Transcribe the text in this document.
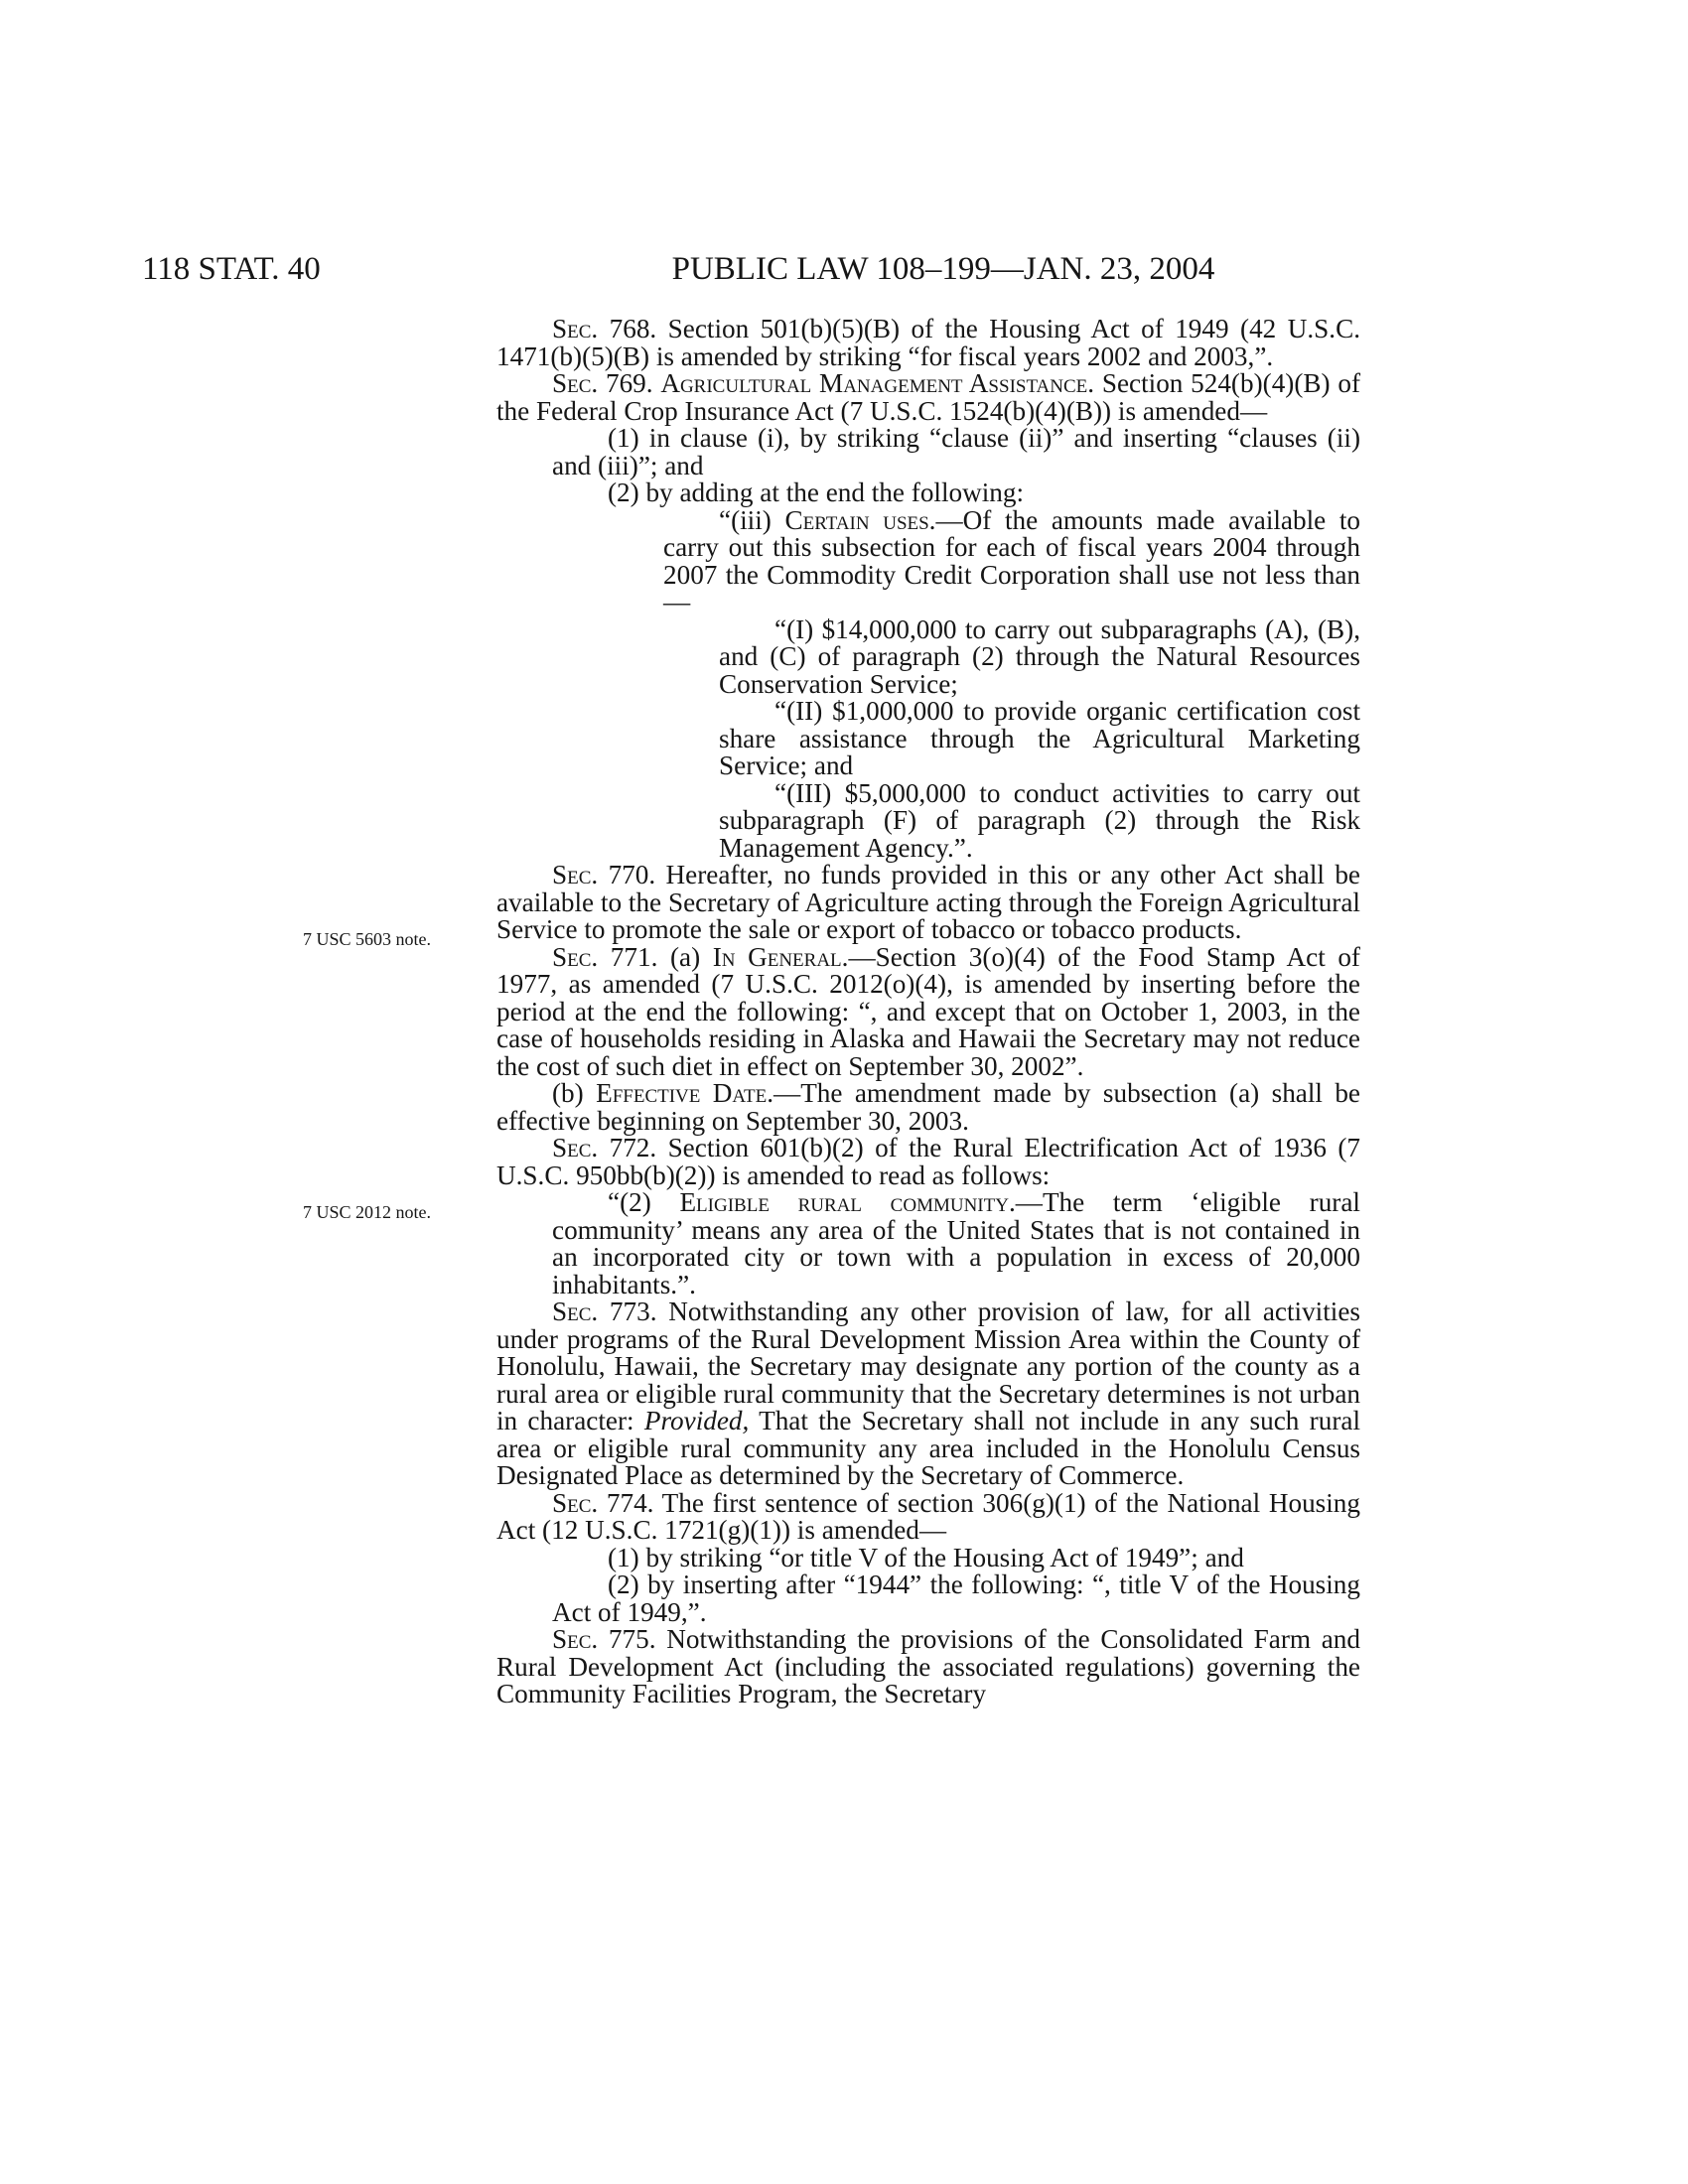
118 STAT. 40	PUBLIC LAW 108–199—JAN. 23, 2004
7 USC 5603 note.
7 USC 2012 note.

Sec. 768. Section 501(b)(5)(B) of the Housing Act of 1949 (42 U.S.C. 1471(b)(5)(B) is amended by striking “for fiscal years 2002 and 2003,”.

Sec. 769. Agricultural Management Assistance. Section 524(b)(4)(B) of the Federal Crop Insurance Act (7 U.S.C. 1524(b)(4)(B)) is amended—

(1) in clause (i), by striking “clause (ii)” and inserting “clauses (ii) and (iii)”; and

(2) by adding at the end the following:

“(iii) Certain uses.—Of the amounts made available to carry out this subsection for each of fiscal years 2004 through 2007 the Commodity Credit Corporation shall use not less than—

“(I) $14,000,000 to carry out subparagraphs (A), (B), and (C) of paragraph (2) through the Natural Resources Conservation Service;

“(II) $1,000,000 to provide organic certification cost share assistance through the Agricultural Marketing Service; and

“(III) $5,000,000 to conduct activities to carry out subparagraph (F) of paragraph (2) through the Risk Management Agency.”.

Sec. 770. Hereafter, no funds provided in this or any other Act shall be available to the Secretary of Agriculture acting through the Foreign Agricultural Service to promote the sale or export of tobacco or tobacco products.

Sec. 771. (a) In General.—Section 3(o)(4) of the Food Stamp Act of 1977, as amended (7 U.S.C. 2012(o)(4), is amended by inserting before the period at the end the following: “, and except that on October 1, 2003, in the case of households residing in Alaska and Hawaii the Secretary may not reduce the cost of such diet in effect on September 30, 2002”.

(b) Effective Date.—The amendment made by subsection (a) shall be effective beginning on September 30, 2003.

Sec. 772. Section 601(b)(2) of the Rural Electrification Act of 1936 (7 U.S.C. 950bb(b)(2)) is amended to read as follows:

“(2) Eligible rural community.—The term ‘eligible rural community’ means any area of the United States that is not contained in an incorporated city or town with a population in excess of 20,000 inhabitants.”.

Sec. 773. Notwithstanding any other provision of law, for all activities under programs of the Rural Development Mission Area within the County of Honolulu, Hawaii, the Secretary may designate any portion of the county as a rural area or eligible rural community that the Secretary determines is not urban in character: Provided, That the Secretary shall not include in any such rural area or eligible rural community any area included in the Honolulu Census Designated Place as determined by the Secretary of Commerce.

Sec. 774. The first sentence of section 306(g)(1) of the National Housing Act (12 U.S.C. 1721(g)(1)) is amended—

(1) by striking “or title V of the Housing Act of 1949”; and

(2) by inserting after “1944” the following: “, title V of the Housing Act of 1949,”.

Sec. 775. Notwithstanding the provisions of the Consolidated Farm and Rural Development Act (including the associated regulations) governing the Community Facilities Program, the Secretary
